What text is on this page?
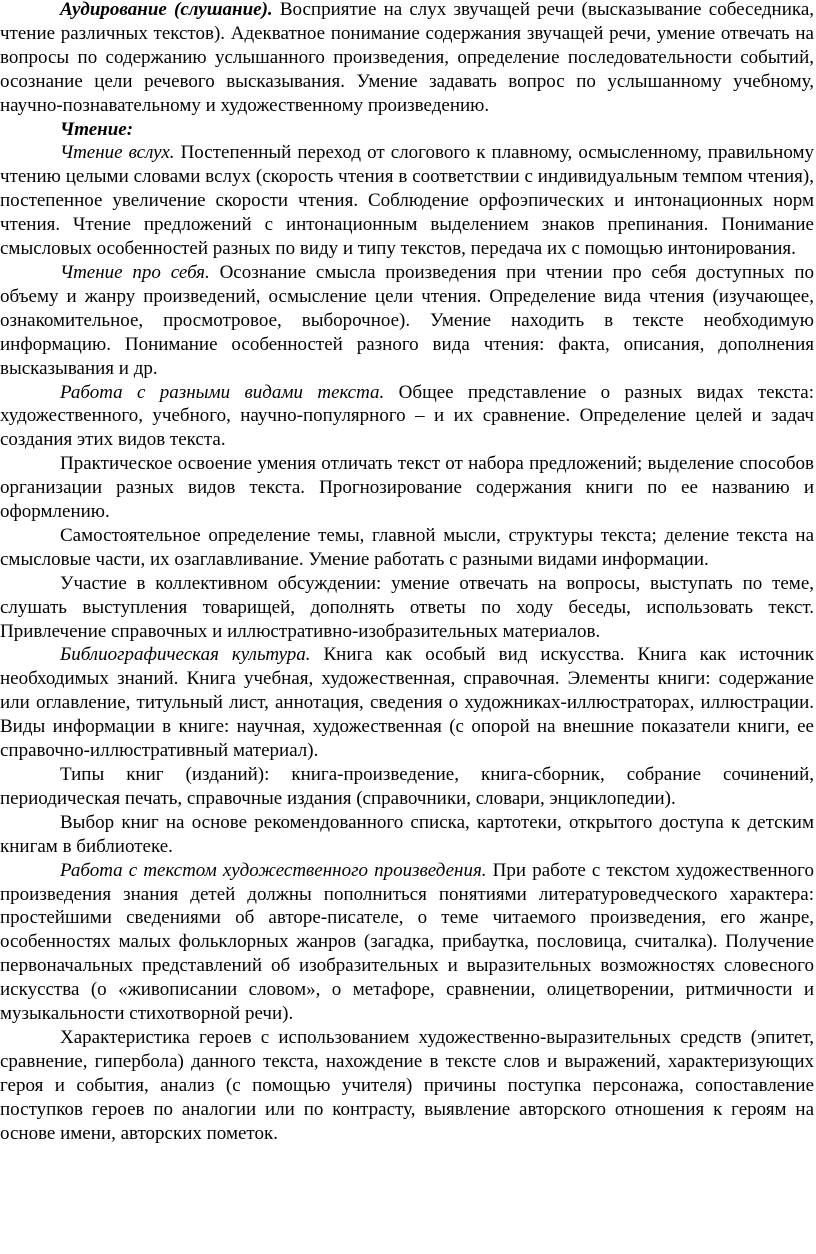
Аудирование (слушание). Восприятие на слух звучащей речи (высказывание собеседника, чтение различных текстов). Адекватное понимание содержания звучащей речи, умение отвечать на вопросы по содержанию услышанного произведения, определение последовательности событий, осознание цели речевого высказывания. Умение задавать вопрос по услышанному учебному, научно-познавательному и художественному произведению.

Чтение:

Чтение вслух. Постепенный переход от слогового к плавному, осмысленному, правильному чтению целыми словами вслух (скорость чтения в соответствии с индивидуальным темпом чтения), постепенное увеличение скорости чтения. Соблюдение орфоэпических и интонационных норм чтения. Чтение предложений с интонационным выделением знаков препинания. Понимание смысловых особенностей разных по виду и типу текстов, передача их с помощью интонирования.

Чтение про себя. Осознание смысла произведения при чтении про себя доступных по объему и жанру произведений, осмысление цели чтения. Определение вида чтения (изучающее, ознакомительное, просмотровое, выборочное). Умение находить в тексте необходимую информацию. Понимание особенностей разного вида чтения: факта, описания, дополнения высказывания и др.

Работа с разными видами текста. Общее представление о разных видах текста: художественного, учебного, научно-популярного – и их сравнение. Определение целей и задач создания этих видов текста.

Практическое освоение умения отличать текст от набора предложений; выделение способов организации разных видов текста. Прогнозирование содержания книги по ее названию и оформлению.

Самостоятельное определение темы, главной мысли, структуры текста; деление текста на смысловые части, их озаглавливание. Умение работать с разными видами информации.

Участие в коллективном обсуждении: умение отвечать на вопросы, выступать по теме, слушать выступления товарищей, дополнять ответы по ходу беседы, использовать текст. Привлечение справочных и иллюстративно-изобразительных материалов.

Библиографическая культура. Книга как особый вид искусства. Книга как источник необходимых знаний. Книга учебная, художественная, справочная. Элементы книги: содержание или оглавление, титульный лист, аннотация, сведения о художниках-иллюстраторах, иллюстрации. Виды информации в книге: научная, художественная (с опорой на внешние показатели книги, ее справочно-иллюстративный материал).

Типы книг (изданий): книга-произведение, книга-сборник, собрание сочинений, периодическая печать, справочные издания (справочники, словари, энциклопедии).

Выбор книг на основе рекомендованного списка, картотеки, открытого доступа к детским книгам в библиотеке.

Работа с текстом художественного произведения. При работе с текстом художественного произведения знания детей должны пополниться понятиями литературоведческого характера: простейшими сведениями об авторе-писателе, о теме читаемого произведения, его жанре, особенностях малых фольклорных жанров (загадка, прибаутка, пословица, считалка). Получение первоначальных представлений об изобразительных и выразительных возможностях словесного искусства (о «живописании словом», о метафоре, сравнении, олицетворении, ритмичности и музыкальности стихотворной речи).

Характеристика героев с использованием художественно-выразительных средств (эпитет, сравнение, гипербола) данного текста, нахождение в тексте слов и выражений, характеризующих героя и события, анализ (с помощью учителя) причины поступка персонажа, сопоставление поступков героев по аналогии или по контрасту, выявление авторского отношения к героям на основе имени, авторских пометок.
